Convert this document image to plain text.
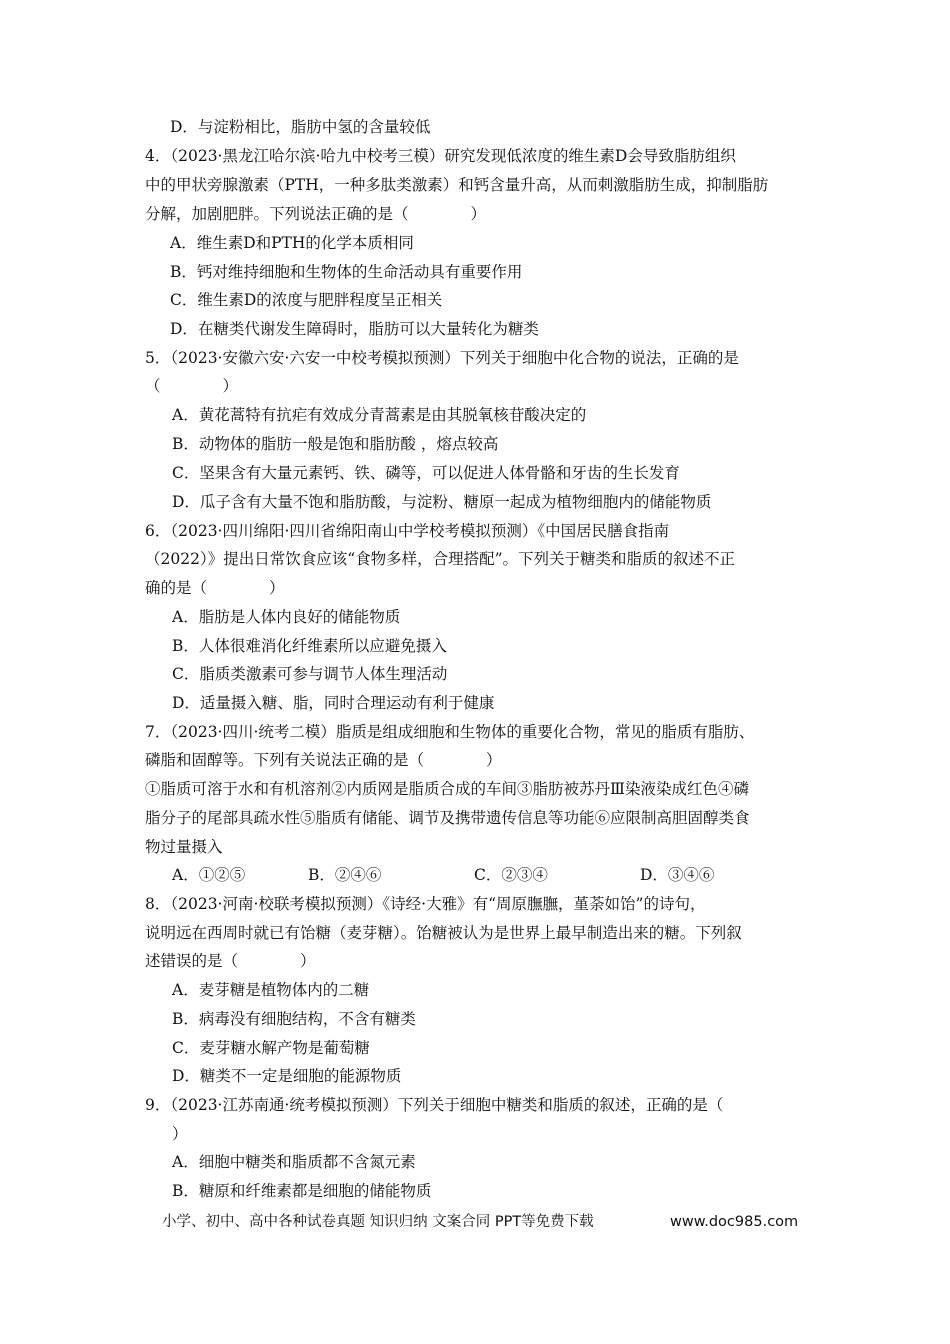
D．与淀粉相比，脂肪中氢的含量较低
4．（2023·黑龙江哈尔滨·哈九中校考三模）研究发现低浓度的维生素D会导致脂肪组织
中的甲状旁腺激素（PTH，一种多肽类激素）和钙含量升高，从而刺激脂肪生成，抑制脂肪
分解，加剧肥胖。下列说法正确的是（　　　　）
A．维生素D和PTH的化学本质相同
B．钙对维持细胞和生物体的生命活动具有重要作用
C．维生素D的浓度与肥胖程度呈正相关
D．在糖类代谢发生障碍时，脂肪可以大量转化为糖类
5．（2023·安徽六安·六安一中校考模拟预测）下列关于细胞中化合物的说法，正确的是
（　　　　）
A．黄花蒿特有抗疟有效成分青蒿素是由其脱氧核苷酸决定的
B．动物体的脂肪一般是饱和脂肪酸 ，熔点较高
C．坚果含有大量元素钙、铁、磷等，可以促进人体骨骼和牙齿的生长发育
D．瓜子含有大量不饱和脂肪酸，与淀粉、糖原一起成为植物细胞内的储能物质
6．（2023·四川绵阳·四川省绵阳南山中学校考模拟预测）《中国居民膳食指南
（2022）》提出日常饮食应该“食物多样，合理搭配”。下列关于糖类和脂质的叙述不正
确的是（　　　　）
A．脂肪是人体内良好的储能物质
B．人体很难消化纤维素所以应避免摄入
C．脂质类激素可参与调节人体生理活动
D．适量摄入糖、脂，同时合理运动有利于健康
7．（2023·四川·统考二模）脂质是组成细胞和生物体的重要化合物，常见的脂质有脂肪、
磷脂和固醇等。下列有关说法正确的是（　　　　）
①脂质可溶于水和有机溶剂②内质网是脂质合成的车间③脂肪被苏丹Ⅲ染液染成红色④磷
脂分子的尾部具疏水性⑤脂质有储能、调节及携带遗传信息等功能⑥应限制高胆固醇类食
物过量摄入
A．①②⑤	B．②④⑥	C．②③④	D．③④⑥
8．（2023·河南·校联考模拟预测）《诗经·大雅》有“周原膴膴，堇荼如饴”的诗句，
说明远在西周时就已有饴糖（麦芽糖）。饴糖被认为是世界上最早制造出来的糖。下列叙
述错误的是（　　　　）
A．麦芽糖是植物体内的二糖
B．病毒没有细胞结构，不含有糖类
C．麦芽糖水解产物是葡萄糖
D．糖类不一定是细胞的能源物质
9．（2023·江苏南通·统考模拟预测）下列关于细胞中糖类和脂质的叙述，正确的是（
）
A．细胞中糖类和脂质都不含氮元素
B．糖原和纤维素都是细胞的储能物质
小学、初中、高中各种试卷真题 知识归纳 文案合同 PPT等免费下载	www.doc985.com
